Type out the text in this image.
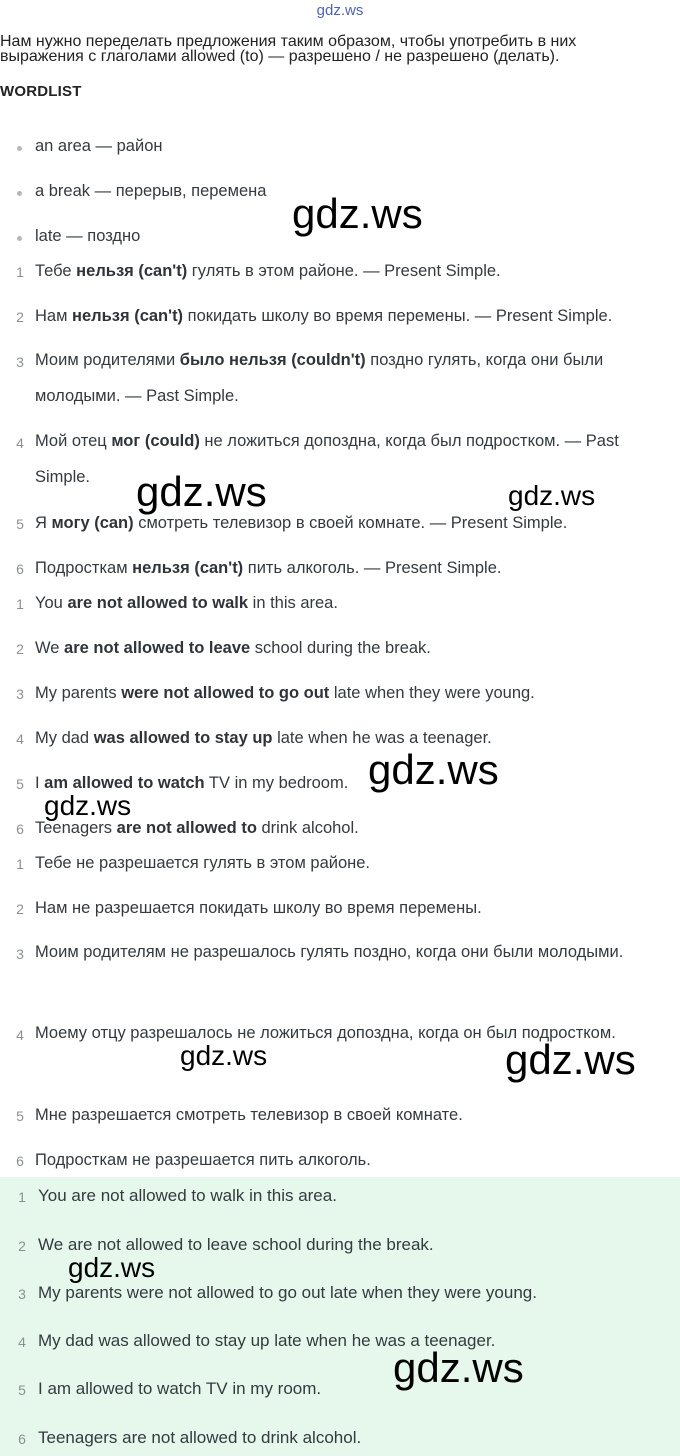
gdz.ws
Нам нужно переделать предложения таким образом, чтобы употребить в них
выражения с глаголами allowed (to) — разрешено / не разрешено (делать).
WORDLIST
an area — район
a break — перерыв, перемена
late — поздно
1 Тебе нельзя (can't) гулять в этом районе. — Present Simple.
2 Нам нельзя (can't) покидать школу во время перемены. — Present Simple.
3 Моим родителями было нельзя (couldn't) поздно гулять, когда они были молодыми. — Past Simple.
4 Мой отец мог (could) не ложиться допоздна, когда был подростком. — Past Simple.
5 Я могу (can) смотреть телевизор в своей комнате. — Present Simple.
6 Подросткам нельзя (can't) пить алкоголь. — Present Simple.
1 You are not allowed to walk in this area.
2 We are not allowed to leave school during the break.
3 My parents were not allowed to go out late when they were young.
4 My dad was allowed to stay up late when he was a teenager.
5 I am allowed to watch TV in my bedroom.
6 Teenagers are not allowed to drink alcohol.
1 Тебе не разрешается гулять в этом районе.
2 Нам не разрешается покидать школу во время перемены.
3 Моим родителям не разрешалось гулять поздно, когда они были молодыми.
4 Моему отцу разрешалось не ложиться допоздна, когда он был подростком.
5 Мне разрешается смотреть телевизор в своей комнате.
6 Подросткам не разрешается пить алкоголь.
1 You are not allowed to walk in this area.
2 We are not allowed to leave school during the break.
3 My parents were not allowed to go out late when they were young.
4 My dad was allowed to stay up late when he was a teenager.
5 I am allowed to watch TV in my room.
6 Teenagers are not allowed to drink alcohol.
gdz.ws
gdz.ws	gdz.ws
gdz.ws
gdz.ws
gdz.ws	gdz.ws
gdz.ws
gdz.ws
